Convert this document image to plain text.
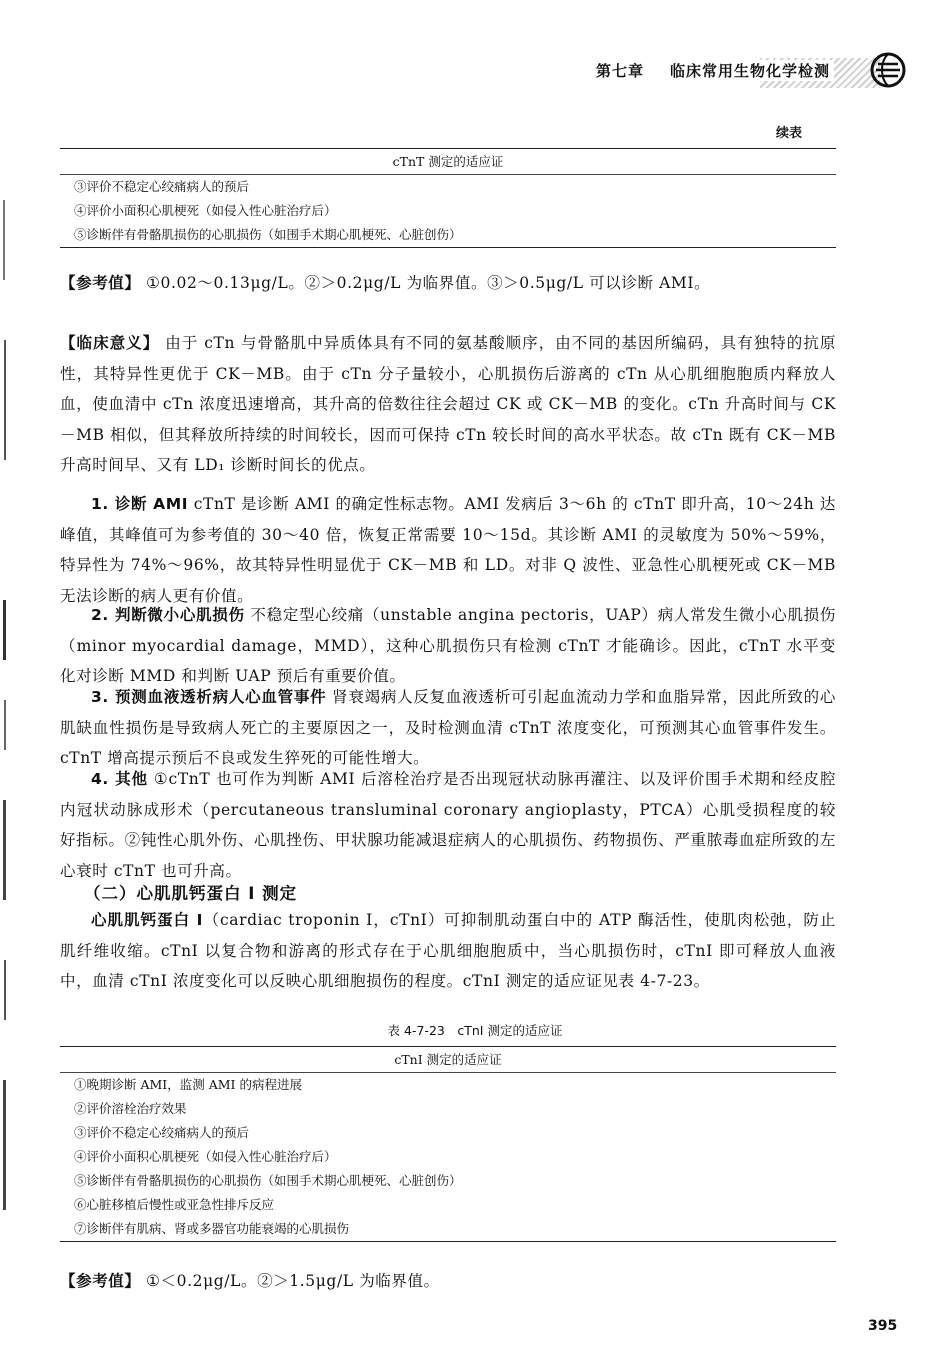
第七章 临床常用生物化学检测
续表
cTnT 测定的适应证
③评价不稳定心绞痛病人的预后
④评价小面积心肌梗死（如侵入性心脏治疗后）
⑤诊断伴有骨骼肌损伤的心肌损伤（如围手术期心肌梗死、心脏创伤）

【参考值】 ①0.02～0.13μg/L。②＞0.2μg/L 为临界值。③＞0.5μg/L 可以诊断 AMI。

【临床意义】 由于 cTn 与骨骼肌中异质体具有不同的氨基酸顺序，由不同的基因所编码，具有独特的抗原性，其特异性更优于 CK－MB。由于 cTn 分子量较小，心肌损伤后游离的 cTn 从心肌细胞胞质内释放人血，使血清中 cTn 浓度迅速增高，其升高的倍数往往会超过 CK 或 CK－MB 的变化。cTn 升高时间与 CK－MB 相似，但其释放所持续的时间较长，因而可保持 cTn 较长时间的高水平状态。故 cTn 既有 CK－MB 升高时间早、又有 LD₁ 诊断时间长的优点。

1. 诊断 AMI cTnT 是诊断 AMI 的确定性标志物。AMI 发病后 3～6h 的 cTnT 即升高，10～24h 达峰值，其峰值可为参考值的 30～40 倍，恢复正常需要 10～15d。其诊断 AMI 的灵敏度为 50%～59%，特异性为 74%～96%，故其特异性明显优于 CK－MB 和 LD。对非 Q 波性、亚急性心肌梗死或 CK－MB 无法诊断的病人更有价值。

2. 判断微小心肌损伤 不稳定型心绞痛（unstable angina pectoris，UAP）病人常发生微小心肌损伤（minor myocardial damage，MMD），这种心肌损伤只有检测 cTnT 才能确诊。因此，cTnT 水平变化对诊断 MMD 和判断 UAP 预后有重要价值。

3. 预测血液透析病人心血管事件 肾衰竭病人反复血液透析可引起血流动力学和血脂异常，因此所致的心肌缺血性损伤是导致病人死亡的主要原因之一，及时检测血清 cTnT 浓度变化，可预测其心血管事件发生。cTnT 增高提示预后不良或发生猝死的可能性增大。

4. 其他 ①cTnT 也可作为判断 AMI 后溶栓治疗是否出现冠状动脉再灌注、以及评价围手术期和经皮腔内冠状动脉成形术（percutaneous transluminal coronary angioplasty，PTCA）心肌受损程度的较好指标。②钝性心肌外伤、心肌挫伤、甲状腺功能减退症病人的心肌损伤、药物损伤、严重脓毒血症所致的左心衰时 cTnT 也可升高。

（二）心肌肌钙蛋白 I 测定

心肌肌钙蛋白 I（cardiac troponin I，cTnI）可抑制肌动蛋白中的 ATP 酶活性，使肌肉松弛，防止肌纤维收缩。cTnI 以复合物和游离的形式存在于心肌细胞胞质中，当心肌损伤时，cTnI 即可释放人血液中，血清 cTnI 浓度变化可以反映心肌细胞损伤的程度。cTnI 测定的适应证见表 4-7-23。

表 4-7-23　cTnI 测定的适应证
cTnI 测定的适应证
①晚期诊断 AMI，监测 AMI 的病程进展
②评价溶栓治疗效果
③评价不稳定心绞痛病人的预后
④评价小面积心肌梗死（如侵入性心脏治疗后）
⑤诊断伴有骨骼肌损伤的心肌损伤（如围手术期心肌梗死、心脏创伤）
⑥心脏移植后慢性或亚急性排斥反应
⑦诊断伴有肌病、肾或多器官功能衰竭的心肌损伤

【参考值】 ①＜0.2μg/L。②＞1.5μg/L 为临界值。

395
